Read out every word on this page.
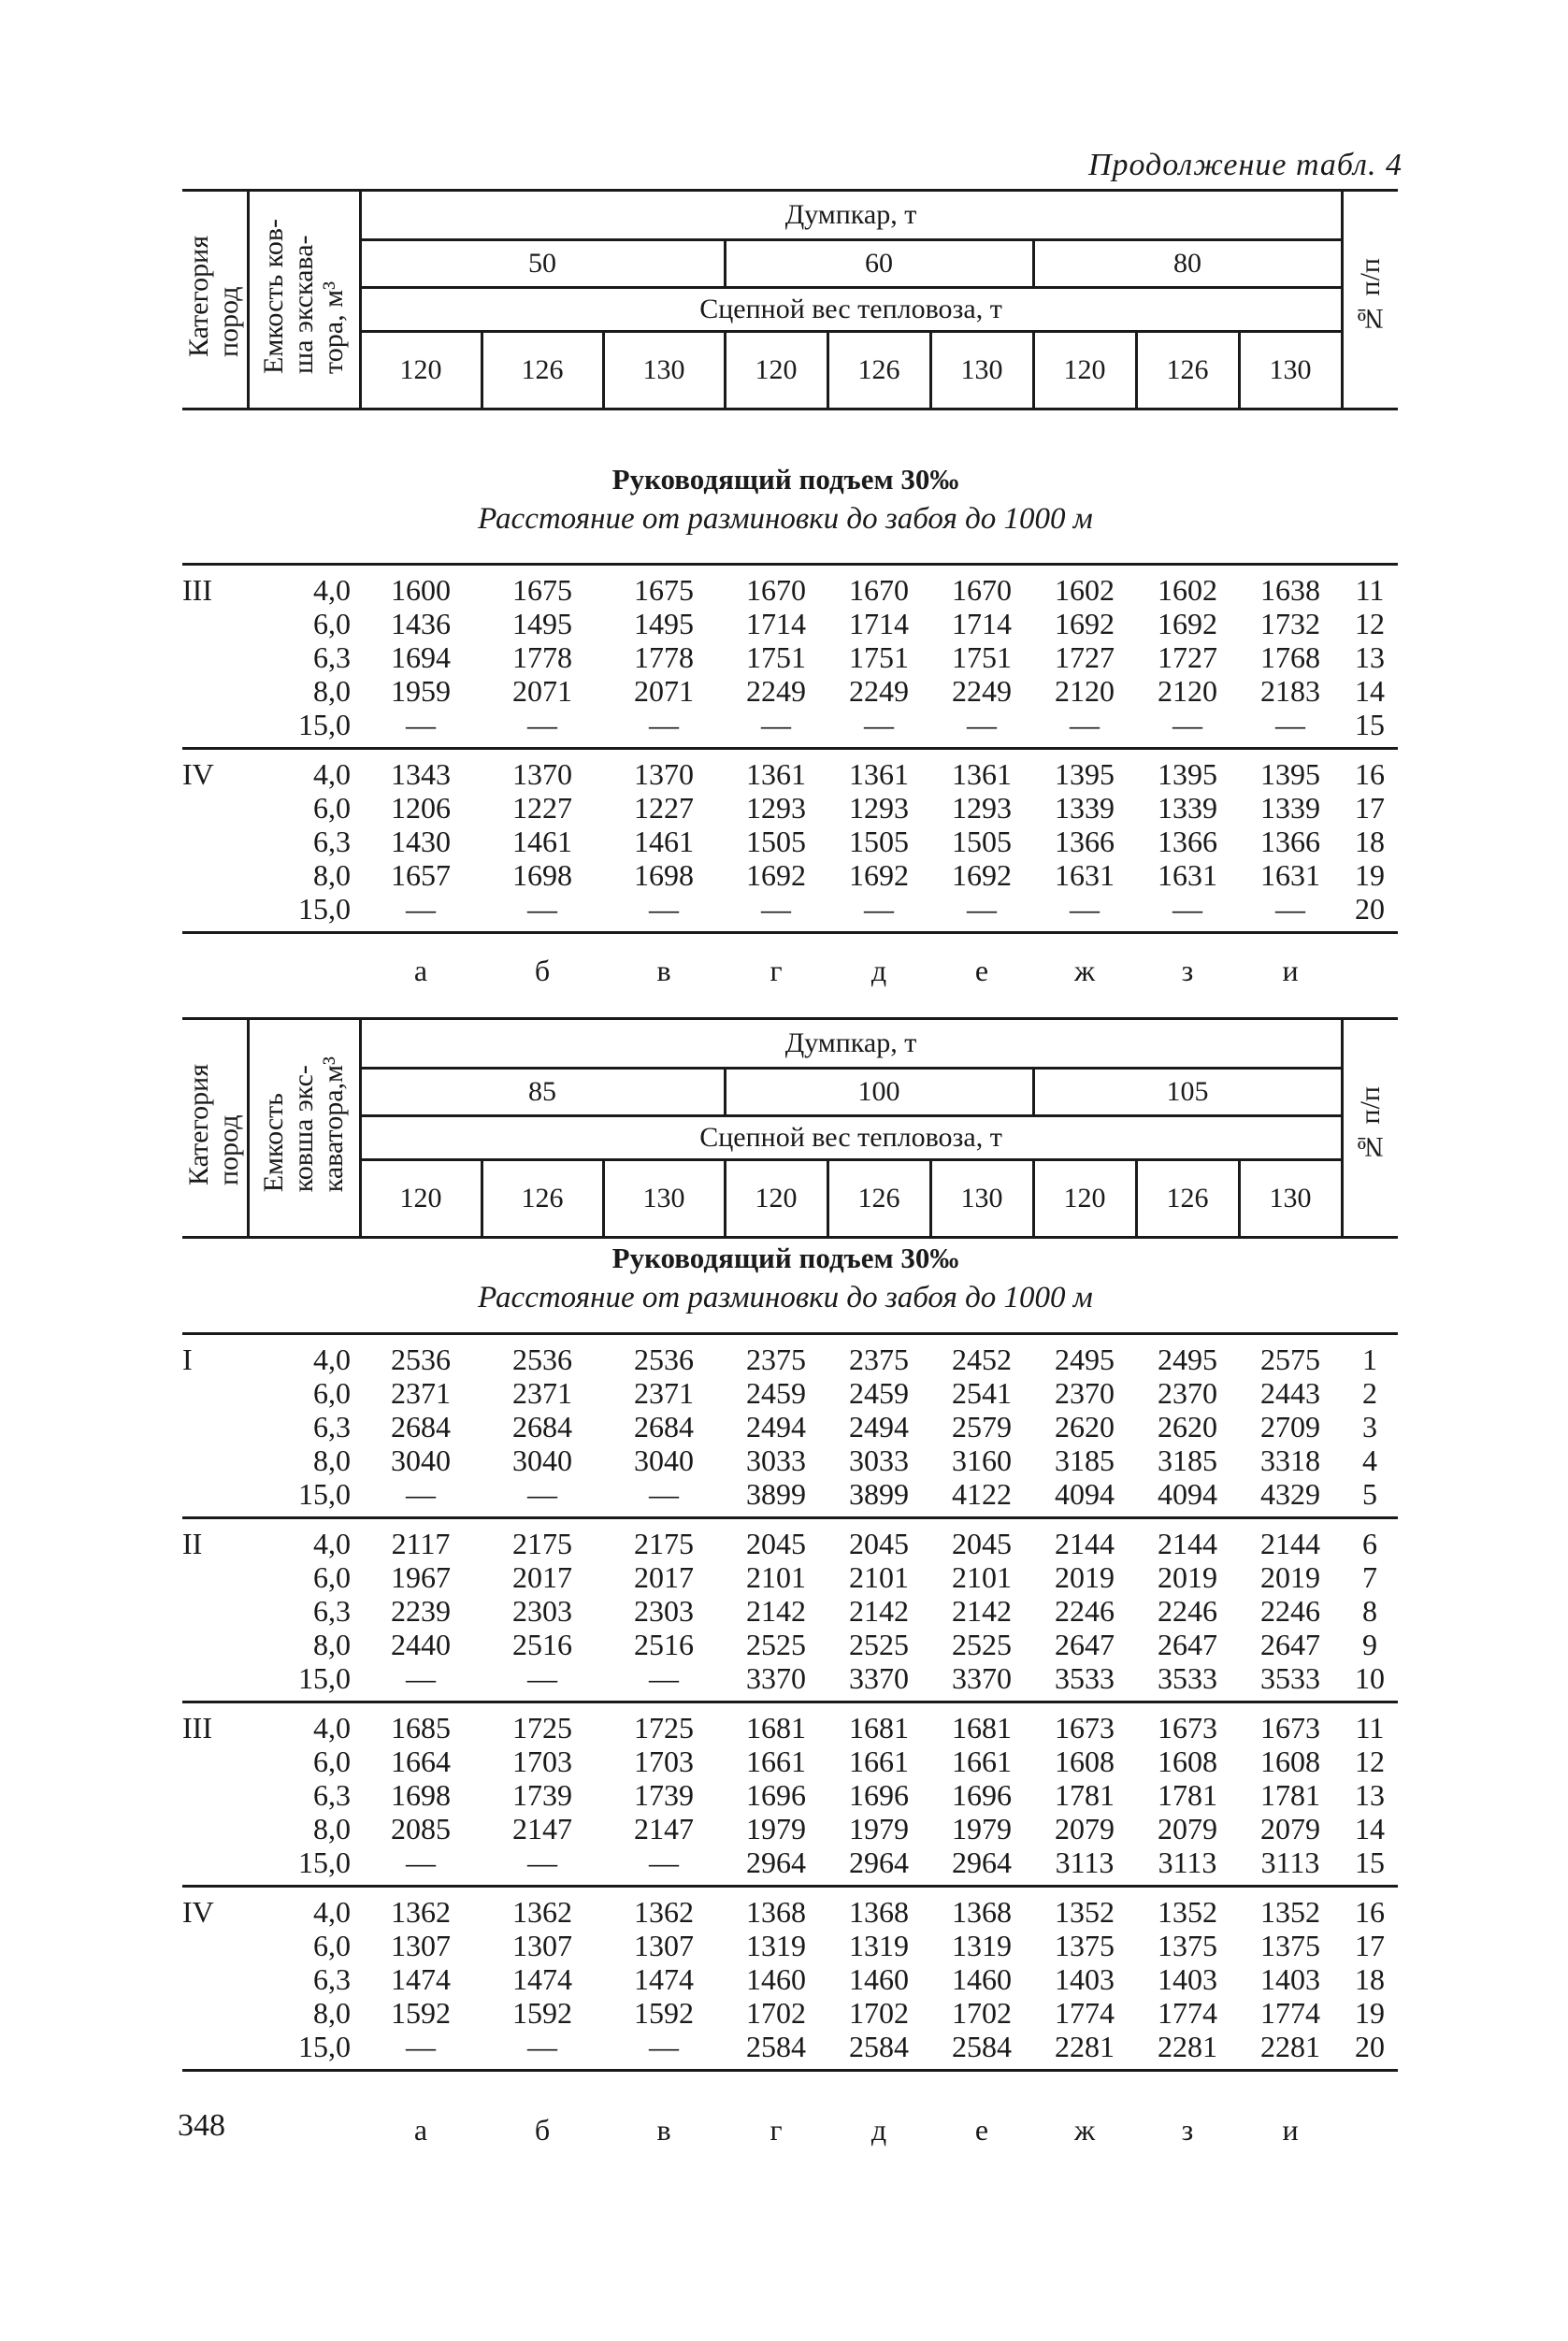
Продолжение табл. 4
Категория
пород	Емкость ков-
ша экскава-
тора, м³	Думпкар, т									№ п/п
		50			60			80			
		Сцепной вес тепловоза, т									
		120	126	130	120	126	130	120	126	130	
Руководящий подъем 30‰
Расстояние от разминовки до забоя до 1000 м
III	4,0	1600	1675	1675	1670	1670	1670	1602	1602	1638	11
	6,0	1436	1495	1495	1714	1714	1714	1692	1692	1732	12
	6,3	1694	1778	1778	1751	1751	1751	1727	1727	1768	13
	8,0	1959	2071	2071	2249	2249	2249	2120	2120	2183	14
	15,0	—	—	—	—	—	—	—	—	—	15
IV	4,0	1343	1370	1370	1361	1361	1361	1395	1395	1395	16
	6,0	1206	1227	1227	1293	1293	1293	1339	1339	1339	17
	6,3	1430	1461	1461	1505	1505	1505	1366	1366	1366	18
	8,0	1657	1698	1698	1692	1692	1692	1631	1631	1631	19
	15,0	—	—	—	—	—	—	—	—	—	20
		а	б	в	г	д	е	ж	з	и	
Категория
пород	Емкость
ковша экс-
каватора,м³	Думпкар, т									№ п/п
		85			100			105			
		Сцепной вес тепловоза, т									
		120	126	130	120	126	130	120	126	130	
Руководящий подъем 30‰
Расстояние от разминовки до забоя до 1000 м
I	4,0	2536	2536	2536	2375	2375	2452	2495	2495	2575	1
	6,0	2371	2371	2371	2459	2459	2541	2370	2370	2443	2
	6,3	2684	2684	2684	2494	2494	2579	2620	2620	2709	3
	8,0	3040	3040	3040	3033	3033	3160	3185	3185	3318	4
	15,0	—	—	—	3899	3899	4122	4094	4094	4329	5
II	4,0	2117	2175	2175	2045	2045	2045	2144	2144	2144	6
	6,0	1967	2017	2017	2101	2101	2101	2019	2019	2019	7
	6,3	2239	2303	2303	2142	2142	2142	2246	2246	2246	8
	8,0	2440	2516	2516	2525	2525	2525	2647	2647	2647	9
	15,0	—	—	—	3370	3370	3370	3533	3533	3533	10
III	4,0	1685	1725	1725	1681	1681	1681	1673	1673	1673	11
	6,0	1664	1703	1703	1661	1661	1661	1608	1608	1608	12
	6,3	1698	1739	1739	1696	1696	1696	1781	1781	1781	13
	8,0	2085	2147	2147	1979	1979	1979	2079	2079	2079	14
	15,0	—	—	—	2964	2964	2964	3113	3113	3113	15
IV	4,0	1362	1362	1362	1368	1368	1368	1352	1352	1352	16
	6,0	1307	1307	1307	1319	1319	1319	1375	1375	1375	17
	6,3	1474	1474	1474	1460	1460	1460	1403	1403	1403	18
	8,0	1592	1592	1592	1702	1702	1702	1774	1774	1774	19
	15,0	—	—	—	2584	2584	2584	2281	2281	2281	20
		а	б	в	г	д	е	ж	з	и	
348
